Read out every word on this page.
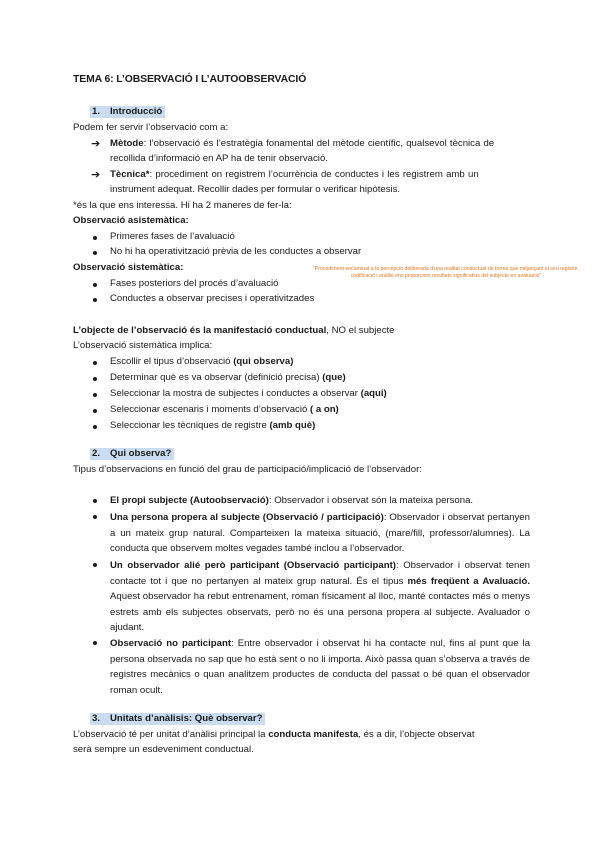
TEMA 6: L’OBSERVACIÓ I L’AUTOOBSERVACIÓ
1. Introducció
Podem fer servir l’observació com a:
➔ Mètode: l’observació és l’estratègia fonamental del mètode científic, qualsevol tècnica de
recollida d’informació en AP ha de tenir observació.
➔ Tècnica*: procediment on registrem l’ocurrència de conductes i les registrem amb un
instrument adequat. Recollir dades per formular o verificar hipòtesis.
*és la que ens interessa. Hi ha 2 maneres de fer-la:
Observació asistemàtica:
Primeres fases de l’avaluació
No hi ha operativització prèvia de les conductes a observar
Observació sistemàtica:
Fases posteriors del procés d’avaluació
Conductes a observar precises i operativitzades
“Procediment encaminat a la percepció deliberada d’una realitat conductual de forma que mitjançant el seu registre, codificació i anàlisi ens proporcioni resultats significatius del subjecte en avaluació”
L’objecte de l’observació és la manifestació conductual, NO el subjecte
L’observació sistemàtica implica:
Escollir el tipus d’observació (qui observa)
Determinar què es va observar (definició precisa) (que)
Seleccionar la mostra de subjectes i conductes a observar (aqui)
Seleccionar escenaris i moments d’observació ( a on)
Seleccionar les tècniques de registre (amb què)
2. Qui observa?
Tipus d’observacions en funció del grau de participació/implicació de l’observador:
El propi subjecte (Autoobservació): Observador i observat són la mateixa persona.
Una persona propera al subjecte (Observació / participació): Observador i observat pertanyen a un mateix grup natural. Comparteixen la mateixa situació, (mare/fill, professor/alumnes). La conducta que observem moltes vegades també inclou a l’observador.
Un observador alié però participant (Observació participant): Observador i observat tenen contacte tot i que no pertanyen al mateix grup natural. És el tipus més freqüent a Avaluació. Aquest observador ha rebut entrenament, roman físicament al lloc, manté contactes més o menys estrets amb els subjectes observats, però no és una persona propera al subjecte. Avaluador o ajudant.
Observació no participant: Entre observador i observat hi ha contacte nul, fins al punt que la persona observada no sap que ho està sent o no li importa. Això passa quan s’observa a través de registres mecànics o quan analitzem productes de conducta del passat o bé quan el observador roman ocult.
3. Unitats d’anàlisis: Què observar?
L’observació té per unitat d’anàlisi principal la conducta manifesta, és a dir, l’objecte observat
serà sempre un esdeveniment conductual.
